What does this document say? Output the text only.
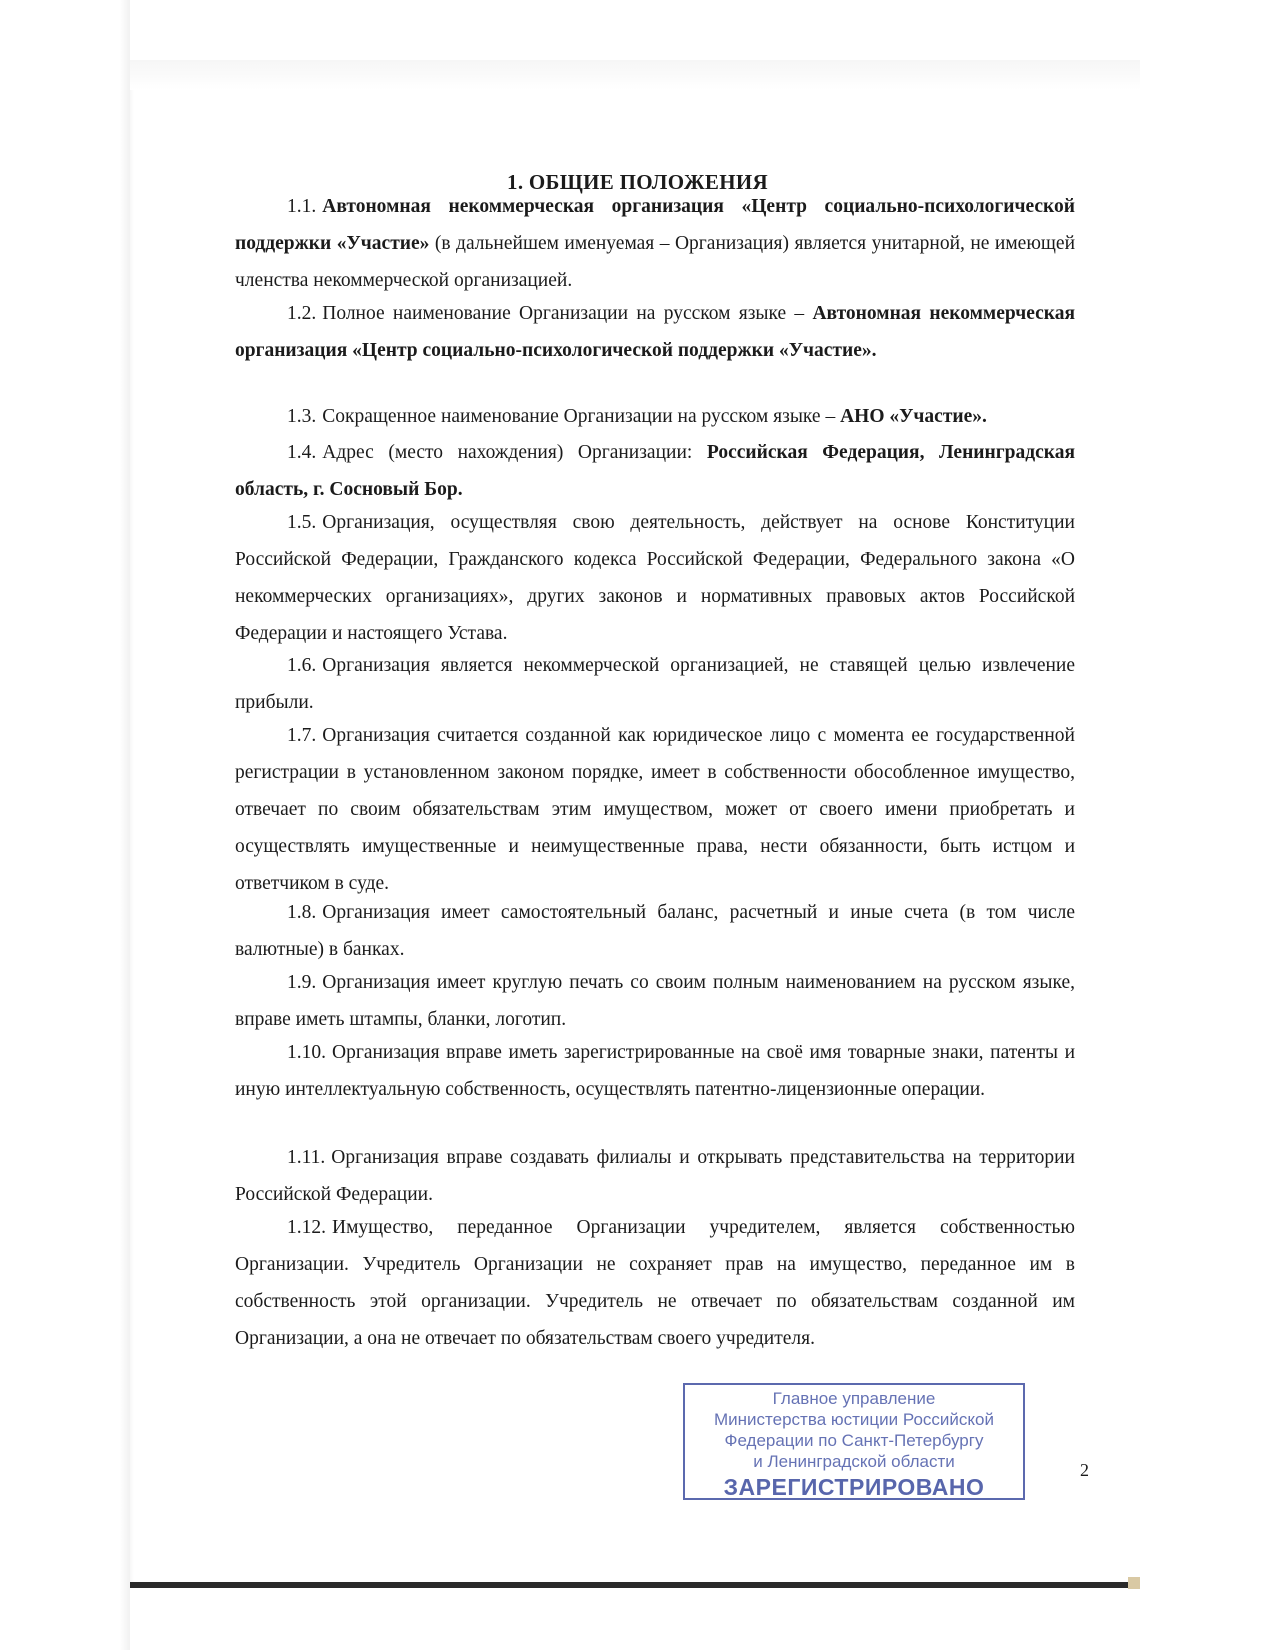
1. ОБЩИЕ ПОЛОЖЕНИЯ
1.1. Автономная некоммерческая организация «Центр социально-психологической поддержки «Участие» (в дальнейшем именуемая – Организация) является унитарной, не имеющей членства некоммерческой организацией.
1.2. Полное наименование Организации на русском языке – Автономная некоммерческая организация «Центр социально-психологической поддержки «Участие».
1.3. Сокращенное наименование Организации на русском языке – АНО «Участие».
1.4. Адрес (место нахождения) Организации: Российская Федерация, Ленинградская область, г. Сосновый Бор.
1.5. Организация, осуществляя свою деятельность, действует на основе Конституции Российской Федерации, Гражданского кодекса Российской Федерации, Федерального закона «О некоммерческих организациях», других законов и нормативных правовых актов Российской Федерации и настоящего Устава.
1.6. Организация является некоммерческой организацией, не ставящей целью извлечение прибыли.
1.7. Организация считается созданной как юридическое лицо с момента ее государственной регистрации в установленном законом порядке, имеет в собственности обособленное имущество, отвечает по своим обязательствам этим имуществом, может от своего имени приобретать и осуществлять имущественные и неимущественные права, нести обязанности, быть истцом и ответчиком в суде.
1.8. Организация имеет самостоятельный баланс, расчетный и иные счета (в том числе валютные) в банках.
1.9. Организация имеет круглую печать со своим полным наименованием на русском языке, вправе иметь штампы, бланки, логотип.
1.10. Организация вправе иметь зарегистрированные на своё имя товарные знаки, патенты и иную интеллектуальную собственность, осуществлять патентно-лицензионные операции.
1.11. Организация вправе создавать филиалы и открывать представительства на территории Российской Федерации.
1.12. Имущество, переданное Организации учредителем, является собственностью Организации. Учредитель Организации не сохраняет прав на имущество, переданное им в собственность этой организации. Учредитель не отвечает по обязательствам созданной им Организации, а она не отвечает по обязательствам своего учредителя.
Главное управление
Министерства юстиции Российской
Федерации по Санкт-Петербургу
и Ленинградской области
ЗАРЕГИСТРИРОВАНО
2
